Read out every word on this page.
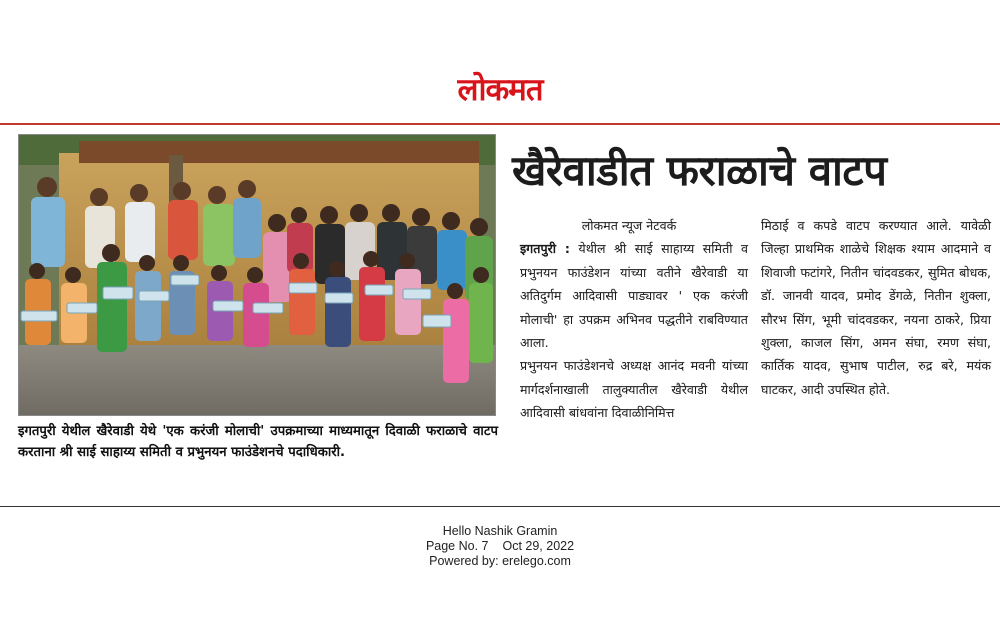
लोकमत
इगतपुरी येथील खैरेवाडी येथे 'एक करंजी मोलाची' उपक्रमाच्या माध्यमातून दिवाळी फराळाचे वाटप करताना श्री साई साहाय्य समिती व प्रभुनयन फाउंडेशनचे पदाधिकारी.
खैरेवाडीत फराळाचे वाटप
लोकमत न्यूज नेटवर्क

इगतपुरी : येथील श्री साई साहाय्य समिती व प्रभुनयन फाउंडेशन यांच्या वतीने खैरेवाडी या अतिदुर्गम आदिवासी पाड्यावर ' एक करंजी मोलाची' हा उपक्रम अभिनव पद्धतीने राबविण्यात आला.

प्रभुनयन फाउंडेशनचे अध्यक्ष आनंद मवनी यांच्या मार्गदर्शनाखाली तालुक्यातील खैरेवाडी येथील आदिवासी बांधवांना दिवाळीनिमित्त

मिठाई व कपडे वाटप करण्यात आले. यावेळी जिल्हा प्राथमिक शाळेचे शिक्षक श्याम आदमाने व शिवाजी फटांगरे, नितीन चांदवडकर, सुमित बोधक, डॉ. जानवी यादव, प्रमोद डेंगळे, नितीन शुक्ला, सौरभ सिंग, भूमी चांदवडकर, नयना ठाकरे, प्रिया शुक्ला, काजल सिंग, अमन संघा, रमण संघा, कार्तिक यादव, सुभाष पाटील, रुद्र बरे, मयंक घाटकर, आदी उपस्थित होते.

Hello Nashik Gramin
Page No. 7 Oct 29, 2022
Powered by: erelego.com
